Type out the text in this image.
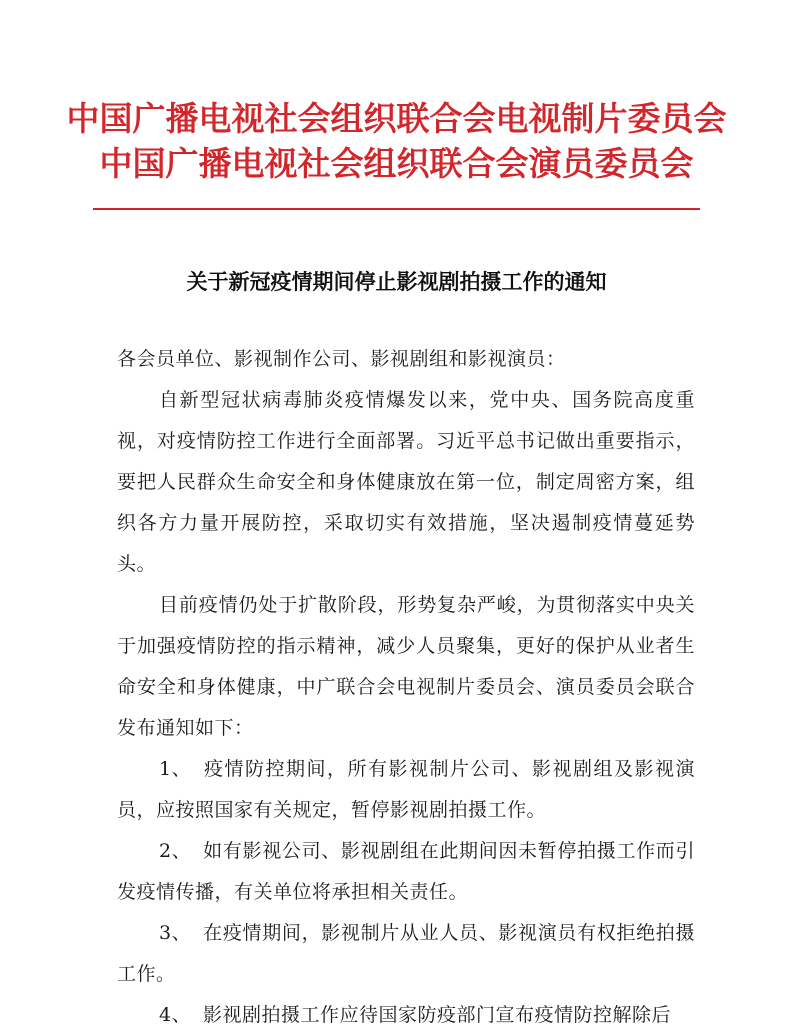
中国广播电视社会组织联合会电视制片委员会
中国广播电视社会组织联合会演员委员会
关于新冠疫情期间停止影视剧拍摄工作的通知

各会员单位、影视制作公司、影视剧组和影视演员：

自新型冠状病毒肺炎疫情爆发以来，党中央、国务院高度重视，对疫情防控工作进行全面部署。习近平总书记做出重要指示，要把人民群众生命安全和身体健康放在第一位，制定周密方案，组织各方力量开展防控，采取切实有效措施，坚决遏制疫情蔓延势头。

目前疫情仍处于扩散阶段，形势复杂严峻，为贯彻落实中央关于加强疫情防控的指示精神，减少人员聚集，更好的保护从业者生命安全和身体健康，中广联合会电视制片委员会、演员委员会联合发布通知如下：

1、 疫情防控期间，所有影视制片公司、影视剧组及影视演员，应按照国家有关规定，暂停影视剧拍摄工作。

2、 如有影视公司、影视剧组在此期间因未暂停拍摄工作而引发疫情传播，有关单位将承担相关责任。

3、 在疫情期间，影视制片从业人员、影视演员有权拒绝拍摄工作。

4、 影视剧拍摄工作应待国家防疫部门宣布疫情防控解除后
